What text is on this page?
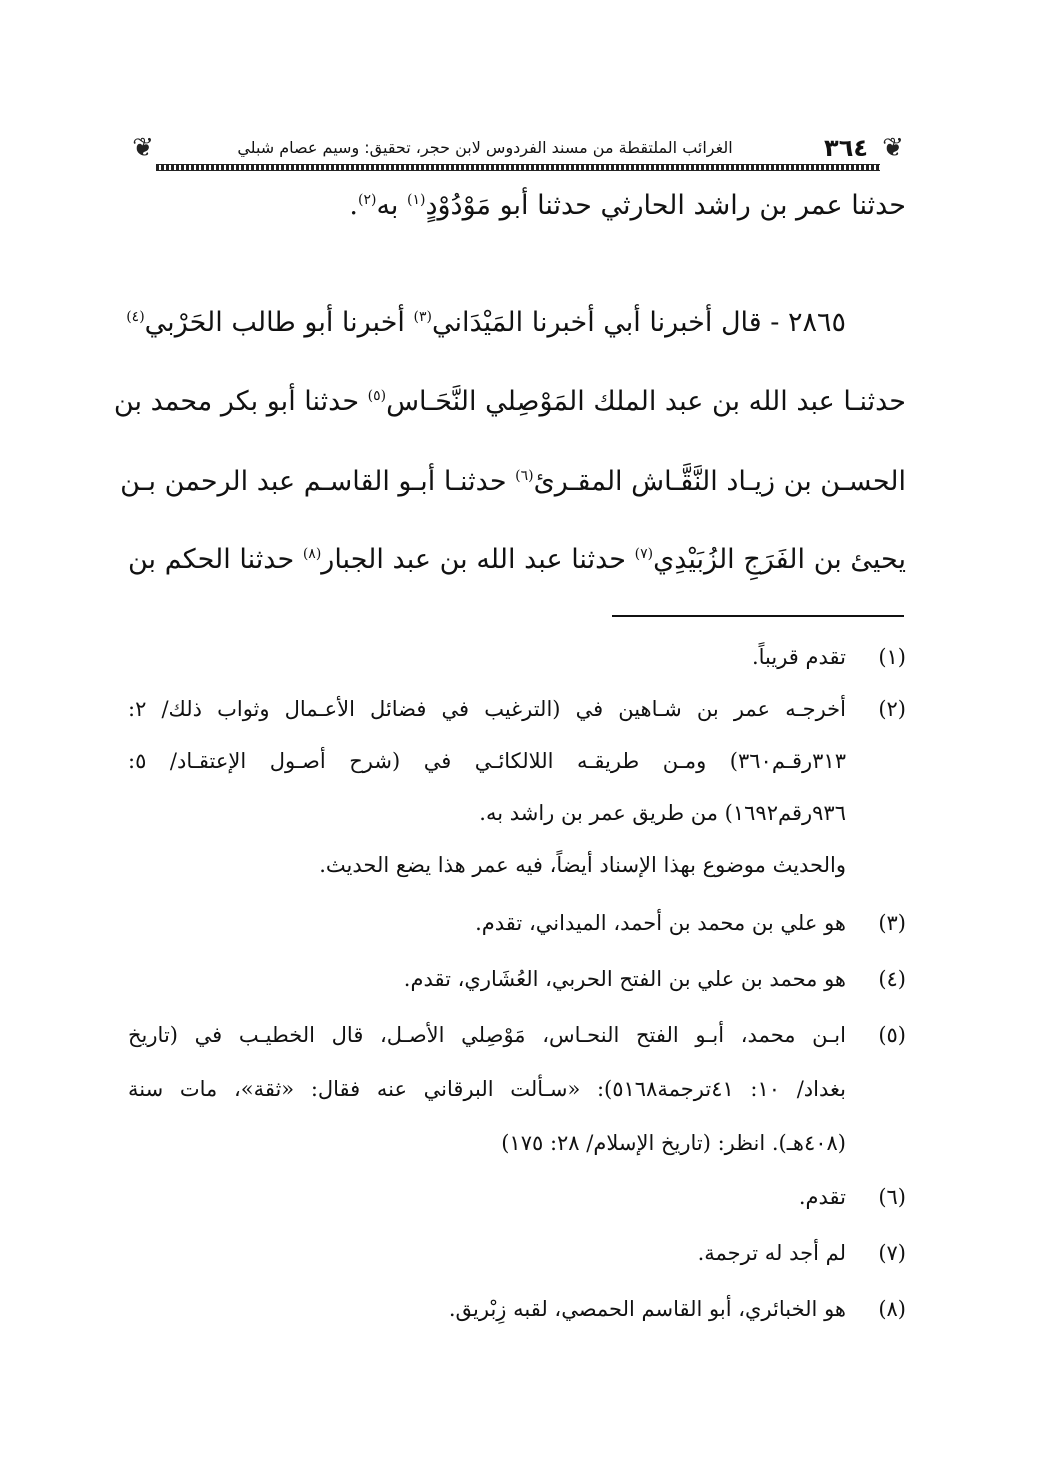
❦
٣٦٤
الغرائب الملتقطة من مسند الفردوس لابن حجر، تحقيق: وسيم عصام شبلي
❦
حدثنا عمر بن راشد الحارثي حدثنا أبو مَوْدُوْدٍ$^{(١)}$ به$^{(٢)}$.
٢٨٦٥ - قال أخبرنا أبي أخبرنا المَيْدَاني$^{(٣)}$ أخبرنا أبو طالب الحَرْبي$^{(٤)}$
حدثنـا عبد الله بن عبد الملك المَوْصِلي النَّحَـاس$^{(٥)}$ حدثنا أبو بكر محمد بن
الحسـن بن زيـاد النَّقَّـاش المقـرئ$^{(٦)}$ حدثنـا أبـو القاسـم عبد الرحمن بـن
يحيئ بن الفَرَجِ الزُبَيْدِي$^{(٧)}$ حدثنا عبد الله بن عبد الجبار$^{(٨)}$ حدثنا الحكم بن
(١)
تقدم قريباً.
(٢)
أخرجـه عمر بن شـاهين في (الترغيب في فضائل الأعـمال وثواب ذلك/ ٢:
٣١٣رقـم٣٦٠) ومـن طريقـه اللالكائـي في (شرح أصـول الإعتقـاد/ ٥:
٩٣٦رقم١٦٩٢) من طريق عمر بن راشد به.
والحديث موضوع بهذا الإسناد أيضاً، فيه عمر هذا يضع الحديث.
(٣)
هو علي بن محمد بن أحمد، الميداني، تقدم.
(٤)
هو محمد بن علي بن الفتح الحربي، العُشَاري، تقدم.
(٥)
ابـن محمد، أبـو الفتح النحـاس، مَوْصِلي الأصـل، قال الخطيـب في (تاريخ
بغداد/ ١٠: ٤١ترجمة٥١٦٨): «سـألت البرقاني عنه فقال: «ثقة»، مات سنة
(٤٠٨هـ). انظر: (تاريخ الإسلام/ ٢٨: ١٧٥)
(٦)
تقدم.
(٧)
لم أجد له ترجمة.
(٨)
هو الخبائري، أبو القاسم الحمصي، لقبه زِبْريق.
